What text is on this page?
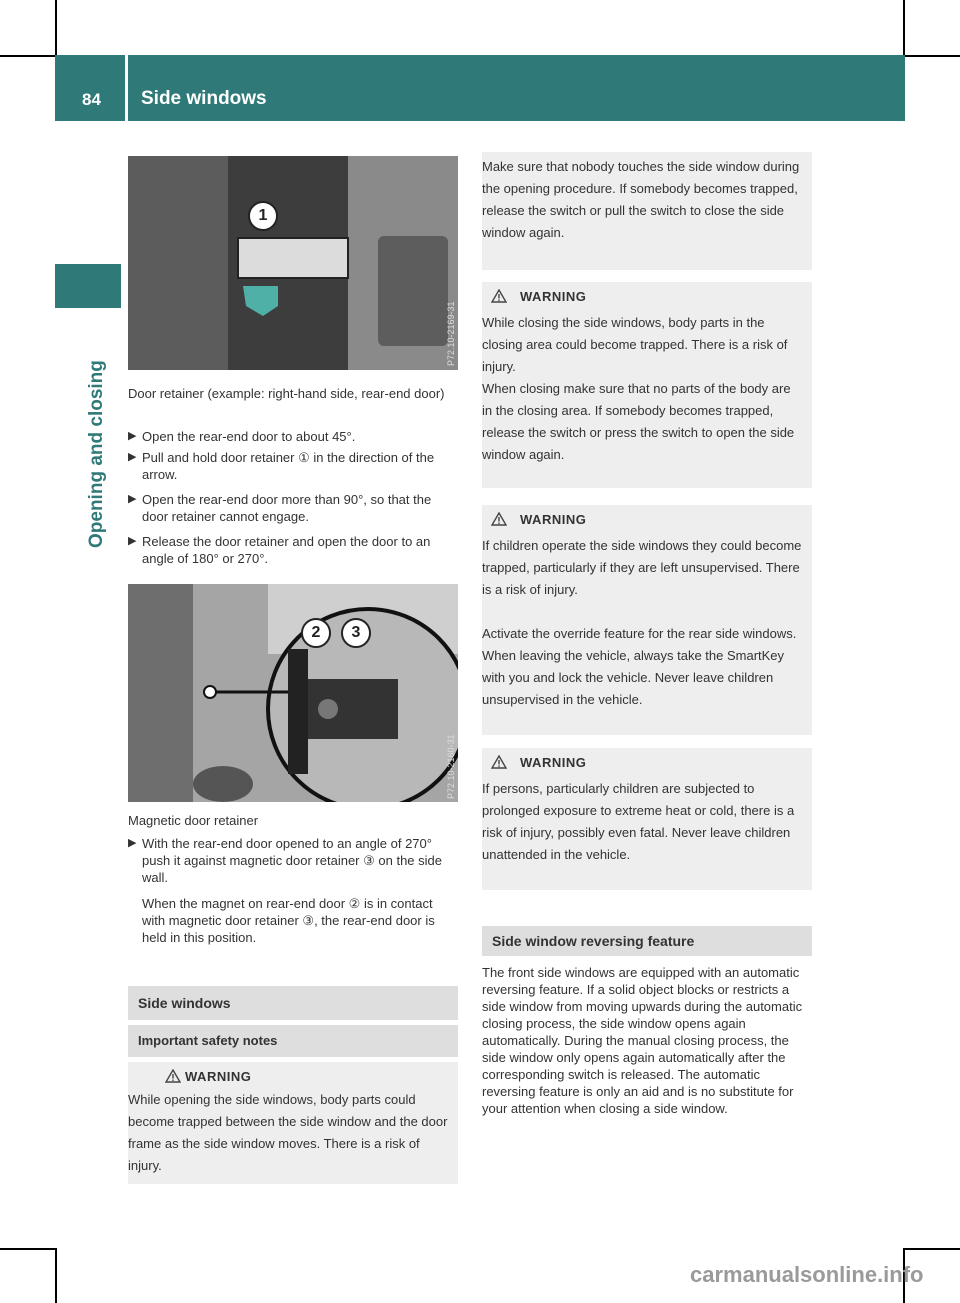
84 Side windows
Opening and closing
1
P72.10-2169-31
Door retainer (example: right-hand side, rear-end door)
▶ Open the rear-end door to about 45°.
▶ Pull and hold door retainer ① in the direction of the arrow.
▶ Open the rear-end door more than 90°, so that the door retainer cannot engage.
▶ Release the door retainer and open the door to an angle of 180° or 270°.
2	3
P72.10-2160-31
Magnetic door retainer
▶ With the rear-end door opened to an angle of 270° push it against magnetic door retainer ③ on the side wall.
When the magnet on rear-end door ② is in contact with magnetic door retainer ③, the rear-end door is held in this position.
Side windows
Important safety notes
WARNING

While opening the side windows, body parts could become trapped between the side window and the door frame as the side window moves. There is a risk of injury.

Make sure that nobody touches the side window during the opening procedure. If somebody becomes trapped, release the switch or pull the switch to close the side window again.

WARNING

While closing the side windows, body parts in the closing area could become trapped. There is a risk of injury.

When closing make sure that no parts of the body are in the closing area. If somebody becomes trapped, release the switch or press the switch to open the side window again.

WARNING

If children operate the side windows they could become trapped, particularly if they are left unsupervised. There is a risk of injury.

Activate the override feature for the rear side windows. When leaving the vehicle, always take the SmartKey with you and lock the vehicle. Never leave children unsupervised in the vehicle.

WARNING

If persons, particularly children are subjected to prolonged exposure to extreme heat or cold, there is a risk of injury, possibly even fatal. Never leave children unattended in the vehicle.

Side window reversing feature
The front side windows are equipped with an automatic reversing feature. If a solid object blocks or restricts a side window from moving upwards during the automatic closing process, the side window opens again automatically. During the manual closing process, the side window only opens again automatically after the corresponding switch is released. The automatic reversing feature is only an aid and is no substitute for your attention when closing a side window.
carmanualsonline.info
